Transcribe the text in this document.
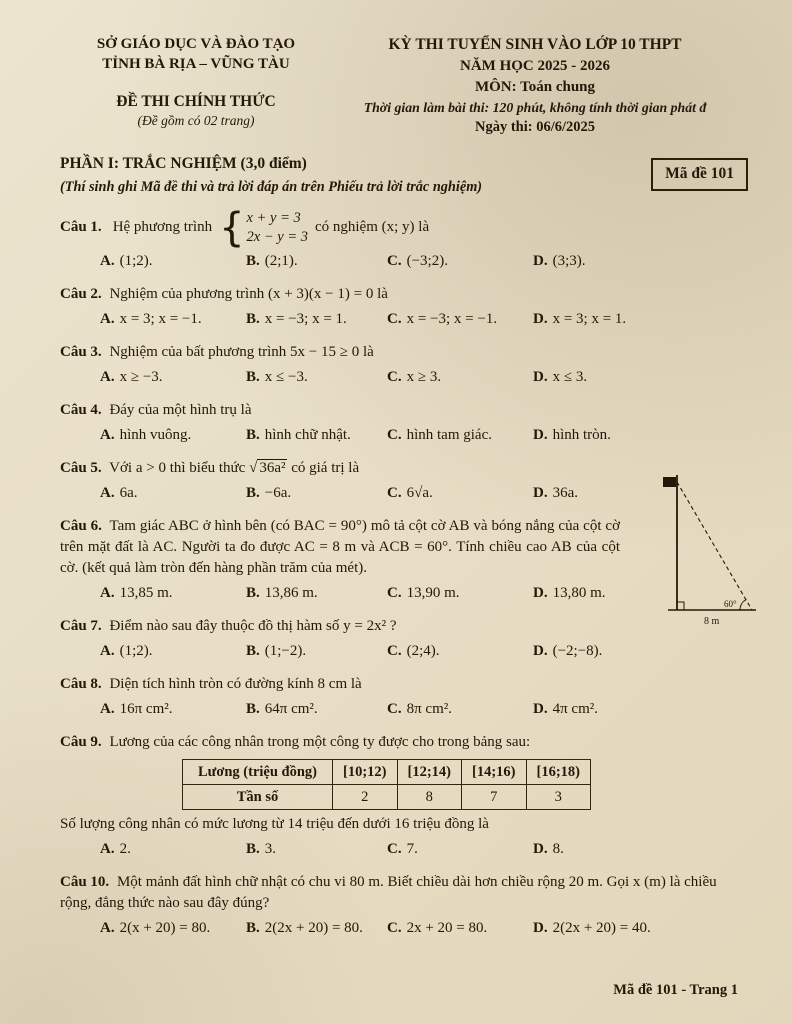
SỞ GIÁO DỤC VÀ ĐÀO TẠO
TỈNH BÀ RỊA – VŨNG TÀU
ĐỀ THI CHÍNH THỨC
(Đề gồm có 02 trang)
KỲ THI TUYỂN SINH VÀO LỚP 10 THPT
NĂM HỌC 2025 - 2026
MÔN: Toán chung
Thời gian làm bài thi: 120 phút, không tính thời gian phát đ
Ngày thi: 06/6/2025
Mã đề 101
PHẦN I: TRẮC NGHIỆM (3,0 điểm)
(Thí sinh ghi Mã đề thi và trả lời đáp án trên Phiếu trả lời trắc nghiệm)
Câu 1. Hệ phương trình { x + y = 3
2x − y = 3
có nghiệm (x; y) là
A. (1;2).	B. (2;1).	C. (−3;2).	D. (3;3).

Câu 2. Nghiệm của phương trình (x + 3)(x − 1) = 0 là

A. x = 3; x = −1.	B. x = −3; x = 1.	C. x = −3; x = −1.	D. x = 3; x = 1.

Câu 3. Nghiệm của bất phương trình 5x − 15 ≥ 0 là

A. x ≥ −3.	B. x ≤ −3.	C. x ≥ 3.	D. x ≤ 3.

Câu 4. Đáy của một hình trụ là

A. hình vuông.	B. hình chữ nhật.	C. hình tam giác.	D. hình tròn.

Câu 5. Với a > 0 thì biểu thức √ 36a² có giá trị là

A. 6a.	B. −6a.	C. 6√a.	D. 36a.

Câu 6. Tam giác ABC ở hình bên (có BAC = 90°) mô tả cột cờ AB và bóng nắng của cột cờ trên mặt đất là AC. Người ta đo được AC = 8 m và ACB = 60°. Tính chiều cao AB của cột cờ. (kết quả làm tròn đến hàng phần trăm của mét).

A. 13,85 m.	B. 13,86 m.	C. 13,90 m.	D. 13,80 m.
60°
8 m

Câu 7. Điểm nào sau đây thuộc đồ thị hàm số y = 2x² ?

A. (1;2).	B. (1;−2).	C. (2;4).	D. (−2;−8).

Câu 8. Diện tích hình tròn có đường kính 8 cm là

A. 16π cm².	B. 64π cm².	C. 8π cm².	D. 4π cm².

Câu 9. Lương của các công nhân trong một công ty được cho trong bảng sau:

Lương (triệu đồng)	[10;12)	[12;14)	[14;16)	[16;18)
Tần số	2	8	7	3

Số lượng công nhân có mức lương từ 14 triệu đến dưới 16 triệu đồng là

A. 2.	B. 3.	C. 7.	D. 8.

Câu 10. Một mảnh đất hình chữ nhật có chu vi 80 m. Biết chiều dài hơn chiều rộng 20 m. Gọi x (m) là chiều rộng, đẳng thức nào sau đây đúng?

A. 2(x + 20) = 80.	B. 2(2x + 20) = 80.	C. 2x + 20 = 80.	D. 2(2x + 20) = 40.
Mã đề 101 - Trang 1
